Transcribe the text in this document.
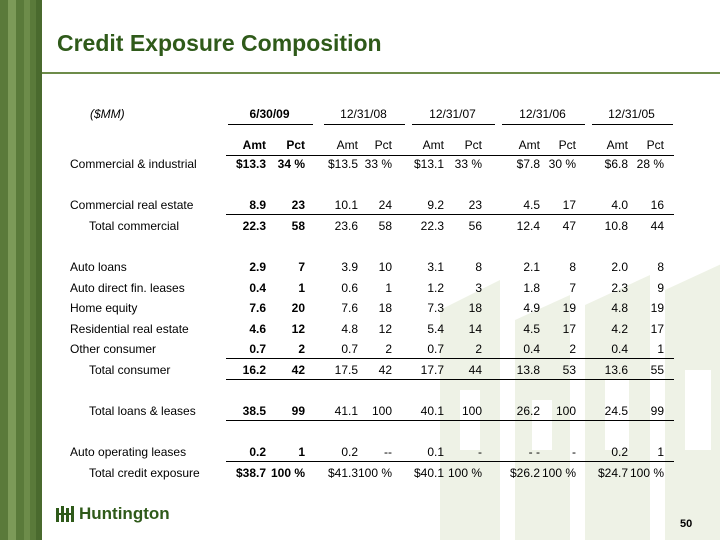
Credit Exposure Composition
($MM)	6/30/09
Amt	Pct
12/31/08
Amt	Pct
12/31/07
Amt	Pct
12/31/06
Amt	Pct
12/31/05
Amt	Pct
Commercial & industrial	$13.3 34 %	$13.5 33 %	$13.1 33 %	$7.8 30 %	$6.8 28 %
Commercial real estate	8.9	23	10.1	24	9.2	23	4.5	17	4.0	16
Total commercial	22.3	58	23.6	58	22.3	56	12.4	47	10.8	44
Auto loans	2.9	7	3.9	10	3.1	8	2.1	8	2.0	8
Auto direct fin. leases	0.4	1	0.6	1	1.2	3	1.8	7	2.3	9
Home equity	7.6	20	7.6	18	7.3	18	4.9	19	4.8	19
Residential real estate	4.6	12	4.8	12	5.4	14	4.5	17	4.2	17
Other consumer	0.7	2	0.7	2	0.7	2	0.4	2	0.4	1
Total consumer	16.2	42	17.5	42	17.7	44	13.8	53	13.6	55
Total loans & leases	38.5	99	41.1	100	40.1	100	26.2	100	24.5	99
Auto operating leases	0.2	1	0.2	--	0.1	-	- -	-	0.2	1
Total credit exposure	$38.7 100 %	$41.3 100 %	$40.1 100 %	$26.2 100 %	$24.7 100 %
Huntington
50
